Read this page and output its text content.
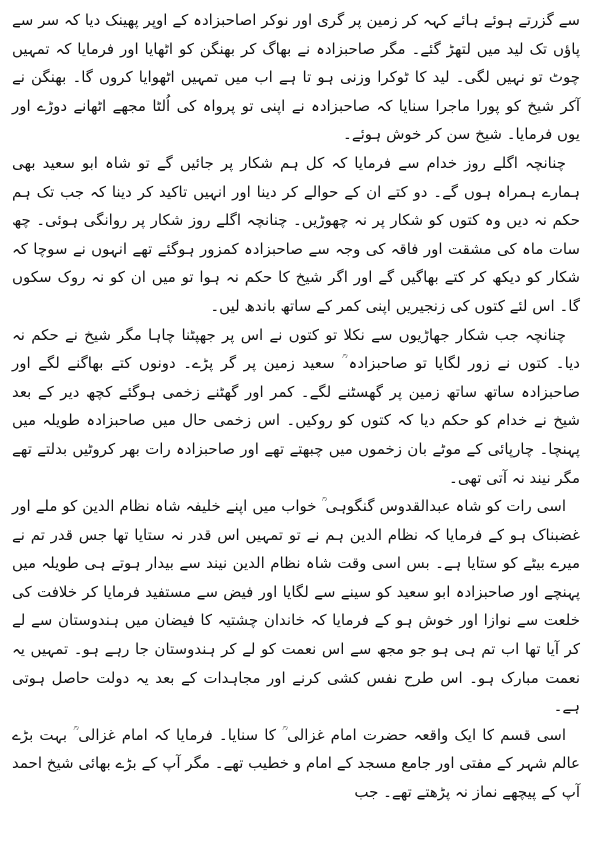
سے گزرتے ہوئے ہائے کہہ کر زمین پر گری اور نوکر اصاحبزادہ کے اوپر پھینک دیا کہ سر سے پاؤں تک لید میں لتھڑ گئے۔ مگر صاحبزادہ نے بھاگ کر بھنگن کو اٹھایا اور فرمایا کہ تمہیں چوٹ تو نہیں لگی۔ لید کا ٹوکرا وزنی ہو تا ہے اب میں تمہیں اٹھوایا کروں گا۔ بھنگن نے آکر شیخ کو پورا ماجرا سنایا کہ صاحبزادہ نے اپنی تو پرواہ کی اُلٹا مجھے اٹھانے دوڑے اور یوں فرمایا۔ شیخ سن کر خوش ہوئے۔

چنانچہ اگلے روز خدام سے فرمایا کہ کل ہم شکار پر جائیں گے تو شاہ ابو سعید بھی ہمارے ہمراہ ہوں گے۔ دو کتے ان کے حوالے کر دینا اور انہیں تاکید کر دینا کہ جب تک ہم حکم نہ دیں وہ کتوں کو شکار پر نہ چھوڑیں۔ چنانچہ اگلے روز شکار پر روانگی ہوئی۔ چھ سات ماہ کی مشقت اور فاقہ کی وجہ سے صاحبزادہ کمزور ہوگئے تھے انہوں نے سوچا کہ شکار کو دیکھ کر کتے بھاگیں گے اور اگر شیخ کا حکم نہ ہوا تو میں ان کو نہ روک سکوں گا۔ اس لئے کتوں کی زنجیریں اپنی کمر کے ساتھ باندھ لیں۔

چنانچہ جب شکار جھاڑیوں سے نکلا تو کتوں نے اس پر جھپٹنا چاہا مگر شیخ نے حکم نہ دیا۔ کتوں نے زور لگایا تو صاحبزادہ ؒ سعید زمین پر گر پڑے۔ دونوں کتے بھاگنے لگے اور صاحبزادہ ساتھ ساتھ زمین پر گھسٹنے لگے۔ کمر اور گھٹنے زخمی ہوگئے کچھ دیر کے بعد شیخ نے خدام کو حکم دیا کہ کتوں کو روکیں۔ اس زخمی حال میں صاحبزادہ طویلہ میں پہنچا۔ چارپائی کے موٹے بان زخموں میں چبھتے تھے اور صاحبزادہ رات بھر کروٹیں بدلتے تھے مگر نیند نہ آتی تھی۔

اسی رات کو شاہ عبدالقدوس گنگوہی ؒ خواب میں اپنے خلیفہ شاہ نظام الدین کو ملے اور غضبناک ہو کے فرمایا کہ نظام الدین ہم نے تو تمہیں اس قدر نہ ستایا تھا جس قدر تم نے میرے بیٹے کو ستایا ہے۔ بس اسی وقت شاہ نظام الدین نیند سے بیدار ہوتے ہی طویلہ میں پہنچے اور صاحبزادہ ابو سعید کو سینے سے لگایا اور فیض سے مستفید فرمایا کر خلافت کی خلعت سے نوازا اور خوش ہو کے فرمایا کہ خاندان چشتیہ کا فیضان میں ہندوستان سے لے کر آیا تھا اب تم ہی ہو جو مجھ سے اس نعمت کو لے کر ہندوستان جا رہے ہو۔ تمہیں یہ نعمت مبارک ہو۔ اس طرح نفس کشی کرنے اور مجاہدات کے بعد یہ دولت حاصل ہوتی ہے۔

اسی قسم کا ایک واقعہ حضرت امام غزالی ؒ کا سنایا۔ فرمایا کہ امام غزالی ؒ بہت بڑے عالم شہر کے مفتی اور جامع مسجد کے امام و خطیب تھے۔ مگر آپ کے بڑے بھائی شیخ احمد آپ کے پیچھے نماز نہ پڑھتے تھے۔ جب
